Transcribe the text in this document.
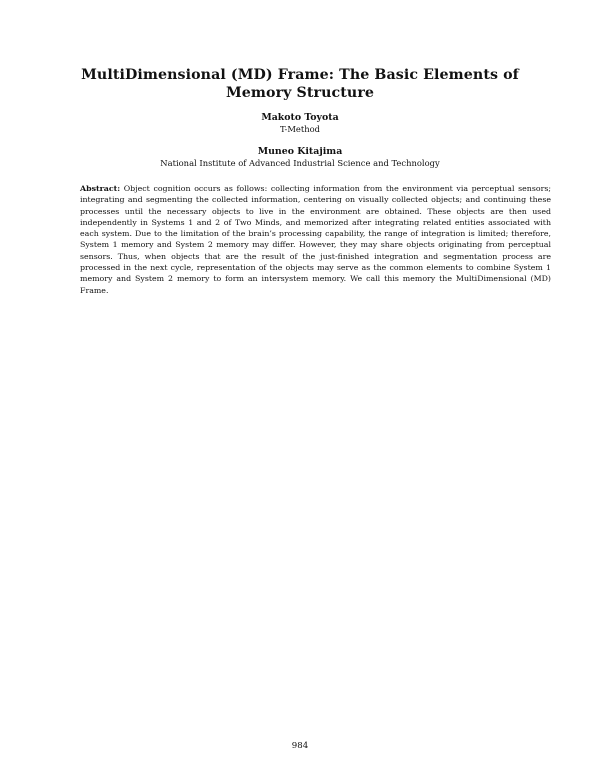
MultiDimensional (MD) Frame: The Basic Elements of Memory Structure
Makoto Toyota
T-Method
Muneo Kitajima
National Institute of Advanced Industrial Science and Technology
Abstract: Object cognition occurs as follows: collecting information from the environment via perceptual sensors; integrating and segmenting the collected information, centering on visually collected objects; and continuing these processes until the necessary objects to live in the environment are obtained. These objects are then used independently in Systems 1 and 2 of Two Minds, and memorized after integrating related entities associated with each system. Due to the limitation of the brain’s processing capability, the range of integration is limited; therefore, System 1 memory and System 2 memory may differ. However, they may share objects originating from perceptual sensors. Thus, when objects that are the result of the just-finished integration and segmentation process are processed in the next cycle, representation of the objects may serve as the common elements to combine System 1 memory and System 2 memory to form an intersystem memory. We call this memory the MultiDimensional (MD) Frame.
984
